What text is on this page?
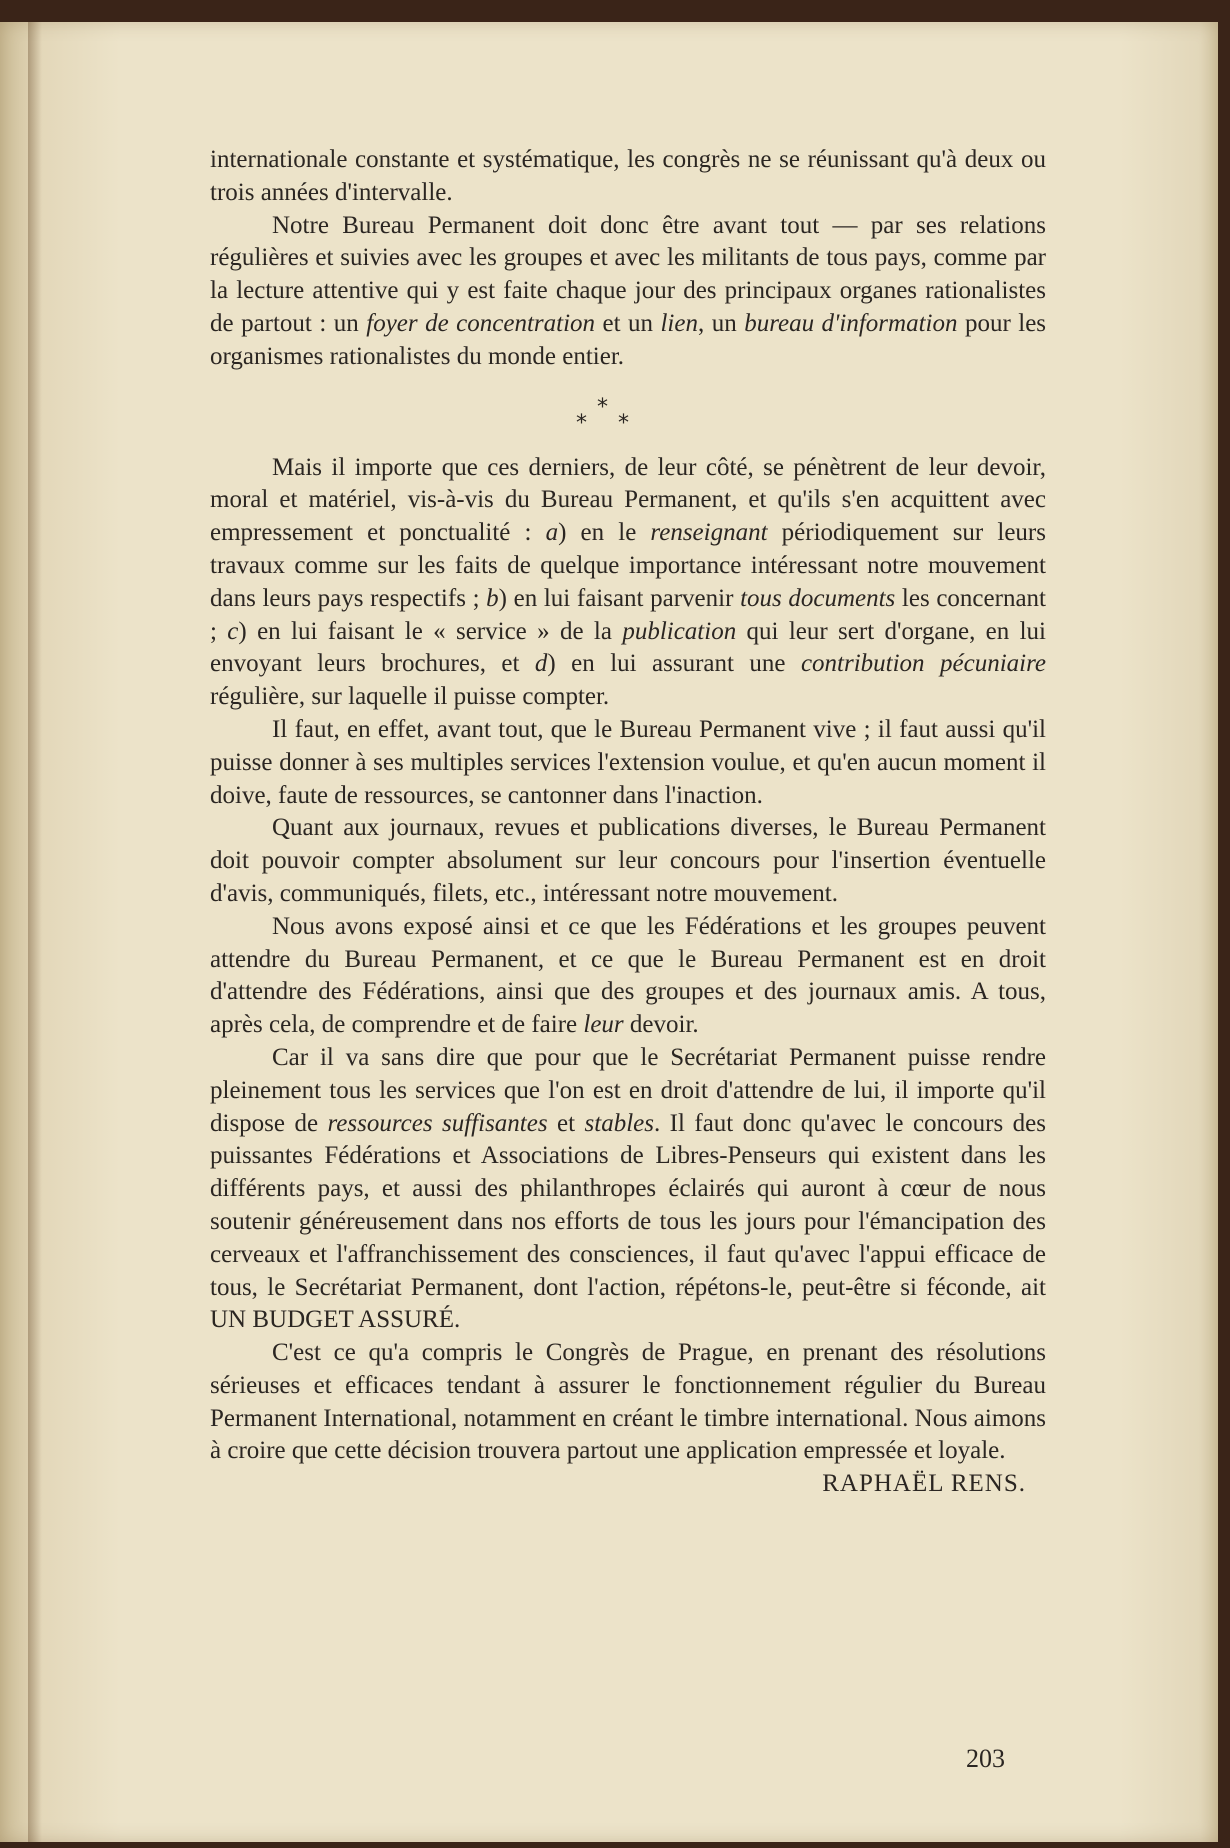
internationale constante et systématique, les congrès ne se réunissant qu'à deux ou trois années d'intervalle.

Notre Bureau Permanent doit donc être avant tout — par ses relations régulières et suivies avec les groupes et avec les militants de tous pays, comme par la lecture attentive qui y est faite chaque jour des principaux organes rationalistes de partout : un foyer de concentration et un lien, un bureau d'information pour les organismes rationalistes du monde entier.

*
* *

Mais il importe que ces derniers, de leur côté, se pénètrent de leur devoir, moral et matériel, vis-à-vis du Bureau Permanent, et qu'ils s'en acquittent avec empressement et ponctualité : a) en le renseignant périodiquement sur leurs travaux comme sur les faits de quelque importance intéressant notre mouvement dans leurs pays respectifs ; b) en lui faisant parvenir tous documents les concernant ; c) en lui faisant le « service » de la publication qui leur sert d'organe, en lui envoyant leurs brochures, et d) en lui assurant une contribution pécuniaire régulière, sur laquelle il puisse compter.

Il faut, en effet, avant tout, que le Bureau Permanent vive ; il faut aussi qu'il puisse donner à ses multiples services l'extension voulue, et qu'en aucun moment il doive, faute de ressources, se cantonner dans l'inaction.

Quant aux journaux, revues et publications diverses, le Bureau Permanent doit pouvoir compter absolument sur leur concours pour l'insertion éventuelle d'avis, communiqués, filets, etc., intéressant notre mouvement.

Nous avons exposé ainsi et ce que les Fédérations et les groupes peuvent attendre du Bureau Permanent, et ce que le Bureau Permanent est en droit d'attendre des Fédérations, ainsi que des groupes et des journaux amis. A tous, après cela, de comprendre et de faire leur devoir.

Car il va sans dire que pour que le Secrétariat Permanent puisse rendre pleinement tous les services que l'on est en droit d'attendre de lui, il importe qu'il dispose de ressources suffisantes et stables. Il faut donc qu'avec le concours des puissantes Fédérations et Associations de Libres-Penseurs qui existent dans les différents pays, et aussi des philanthropes éclairés qui auront à cœur de nous soutenir généreusement dans nos efforts de tous les jours pour l'émancipation des cerveaux et l'affranchissement des consciences, il faut qu'avec l'appui efficace de tous, le Secrétariat Permanent, dont l'action, répétons-le, peut-être si féconde, ait UN BUDGET ASSURÉ.

C'est ce qu'a compris le Congrès de Prague, en prenant des résolutions sérieuses et efficaces tendant à assurer le fonctionnement régulier du Bureau Permanent International, notamment en créant le timbre international. Nous aimons à croire que cette décision trouvera partout une application empressée et loyale.

RAPHAËL RENS.
203
